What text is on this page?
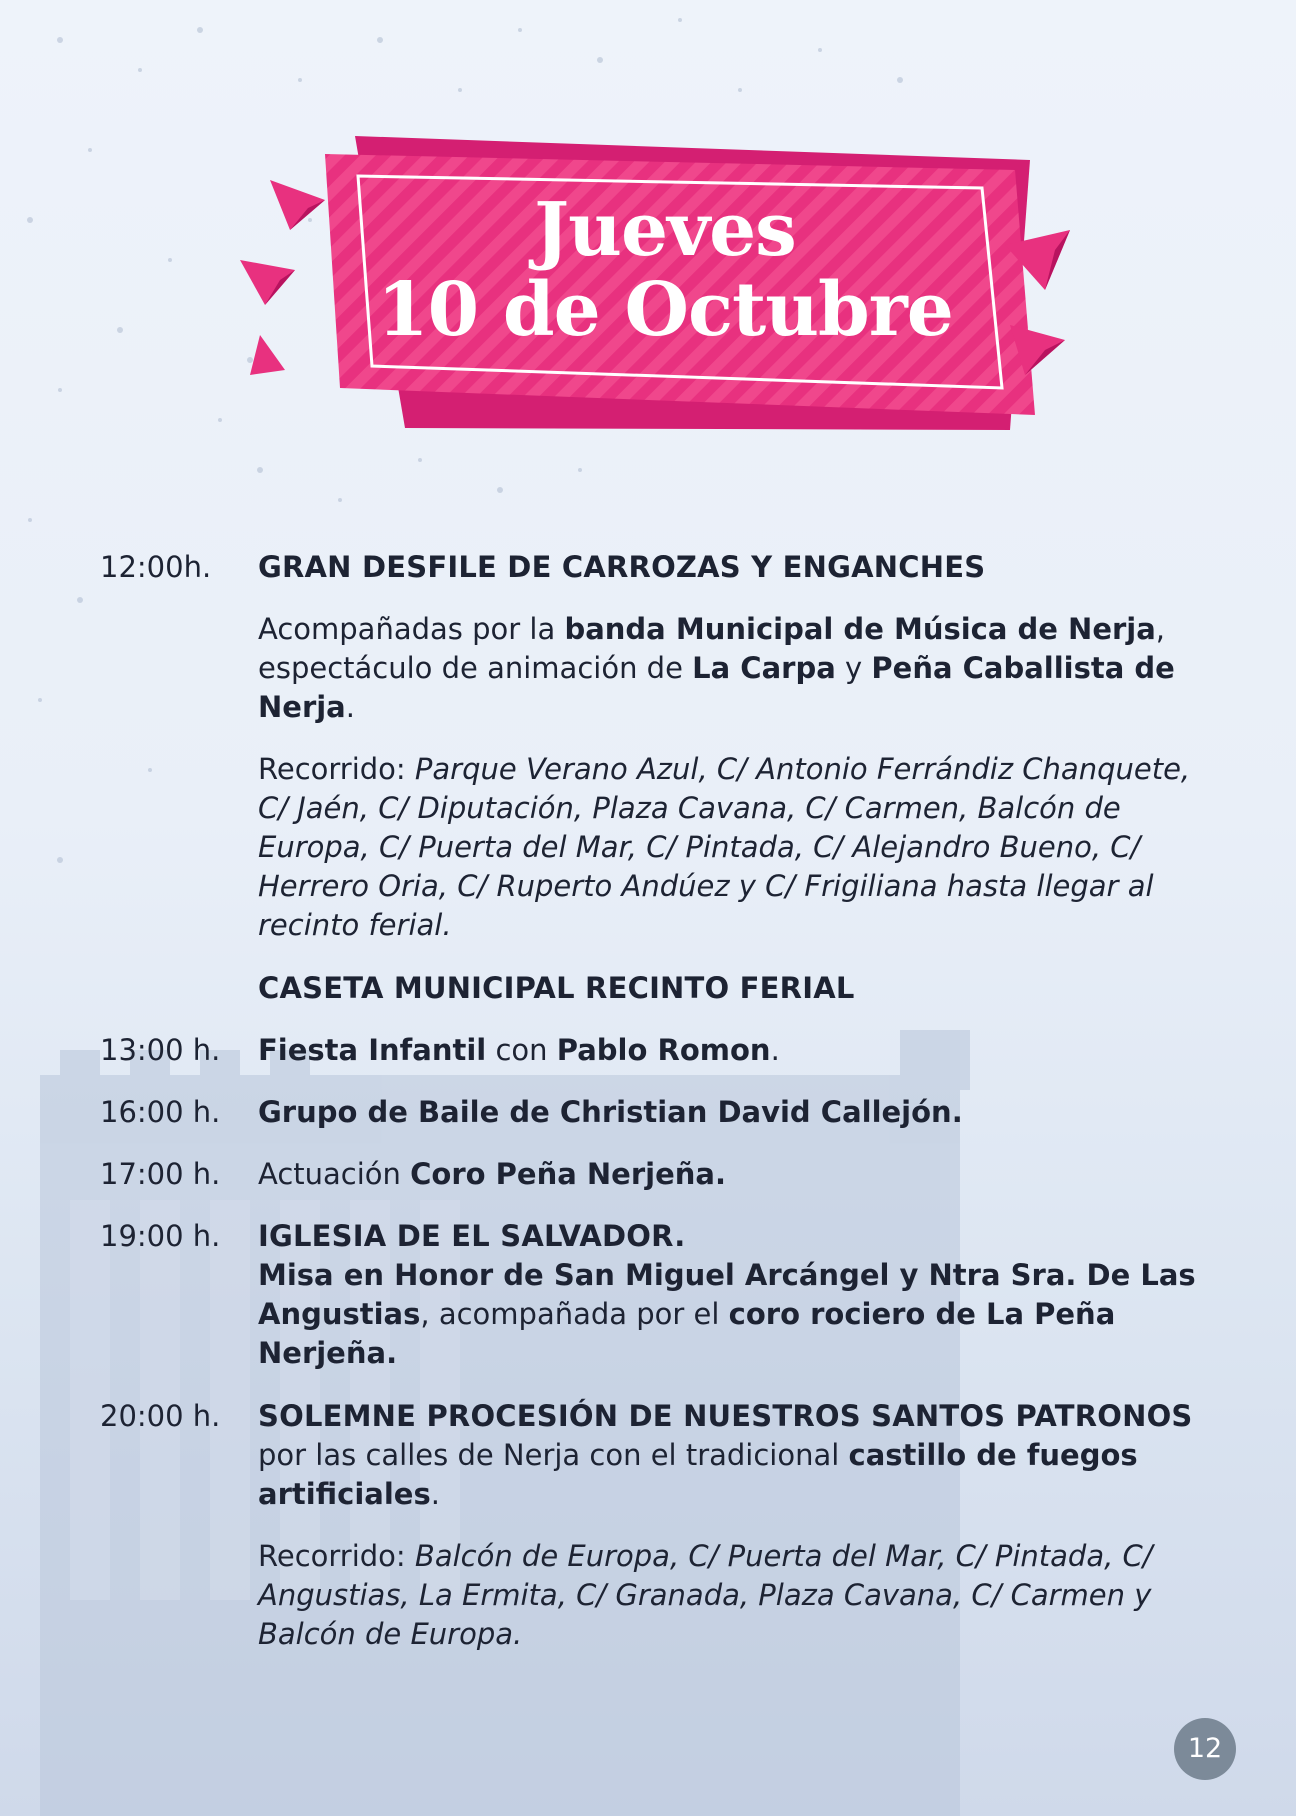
Jueves
10 de Octubre
12:00h.	GRAN DESFILE DE CARROZAS Y ENGANCHES

Acompañadas por la banda Municipal de Música de Nerja, espectáculo de animación de La Carpa y Peña Caballista de Nerja.

Recorrido: Parque Verano Azul, C/ Antonio Ferrándiz Chanquete, C/ Jaén, C/ Diputación, Plaza Cavana, C/ Carmen, Balcón de Europa, C/ Puerta del Mar, C/ Pintada, C/ Alejandro Bueno, C/ Herrero Oria, C/ Ruperto Andúez y C/ Frigiliana hasta llegar al recinto ferial.

CASETA MUNICIPAL RECINTO FERIAL
13:00 h.	Fiesta Infantil con Pablo Romon.
16:00 h.	Grupo de Baile de Christian David Callejón.
17:00 h.	Actuación Coro Peña Nerjeña.
19:00 h.	IGLESIA DE EL SALVADOR.

Misa en Honor de San Miguel Arcángel y Ntra Sra. De Las Angustias, acompañada por el coro rociero de La Peña Nerjeña.

20:00 h.	SOLEMNE PROCESIÓN DE NUESTROS SANTOS PATRONOS por las calles de Nerja con el tradicional castillo de fuegos artificiales.

Recorrido: Balcón de Europa, C/ Puerta del Mar, C/ Pintada, C/ Angustias, La Ermita, C/ Granada, Plaza Cavana, C/ Carmen y Balcón de Europa.

12
